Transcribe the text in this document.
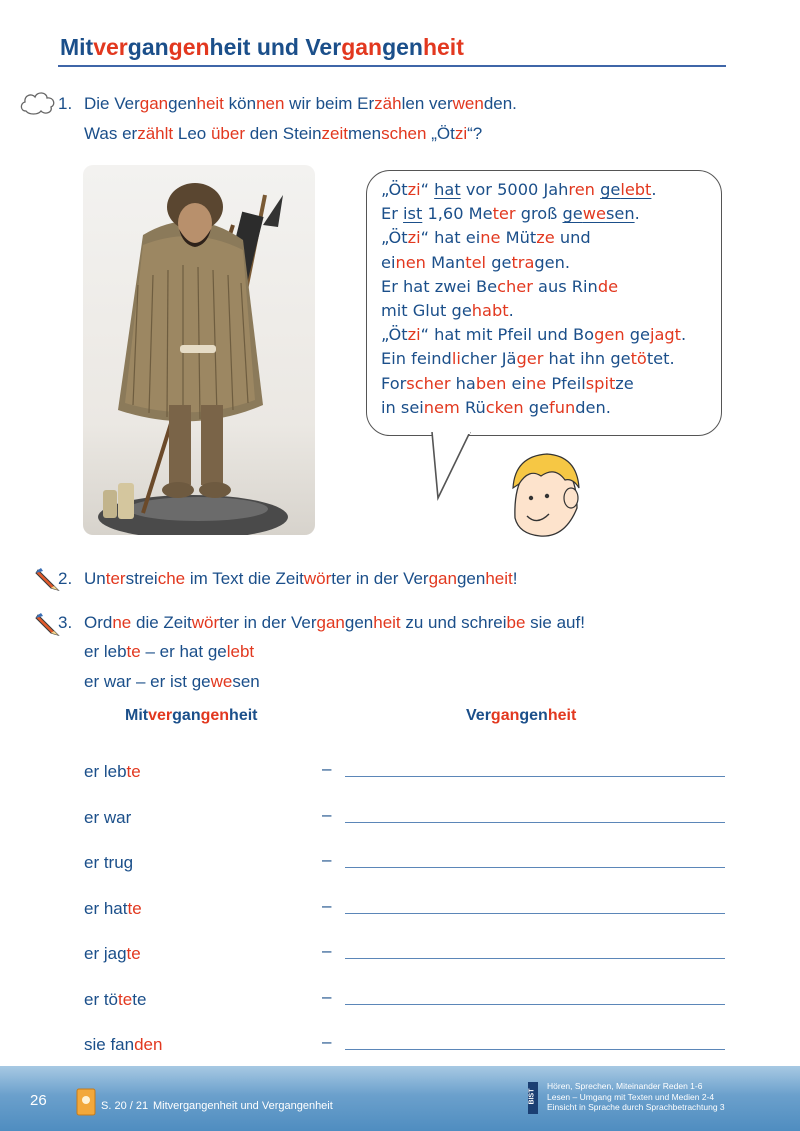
Mitvergangenheit und Vergangenheit
1. Die Vergangenheit können wir beim Erzählen verwenden.
Was erzählt Leo über den Steinzeitmenschen „Ötzi“?
„Ötzi“ hat vor 5000 Jahren gelebt.
Er ist 1,60 Meter groß gewesen.
„Ötzi“ hat eine Mütze und
einen Mantel getragen.
Er hat zwei Becher aus Rinde
mit Glut gehabt.
„Ötzi“ hat mit Pfeil und Bogen gejagt.
Ein feindlicher Jäger hat ihn getötet.
Forscher haben eine Pfeilspitze
in seinem Rücken gefunden.
2. Unterstreiche im Text die Zeitwörter in der Vergangenheit!
3. Ordne die Zeitwörter in der Vergangenheit zu und schreibe sie auf!
er lebte – er hat gelebt
er war – er ist gewesen
Mitvergangenheit	Vergangenheit
er lebte	–
er war	–
er trug	–
er hatte	–
er jagte	–
er tötete	–
sie fanden	–
26	S. 20 / 21 Mitvergangenheit und Vergangenheit
BIST
Hören, Sprechen, Miteinander Reden 1-6
Lesen – Umgang mit Texten und Medien 2-4
Einsicht in Sprache durch Sprachbetrachtung 3
